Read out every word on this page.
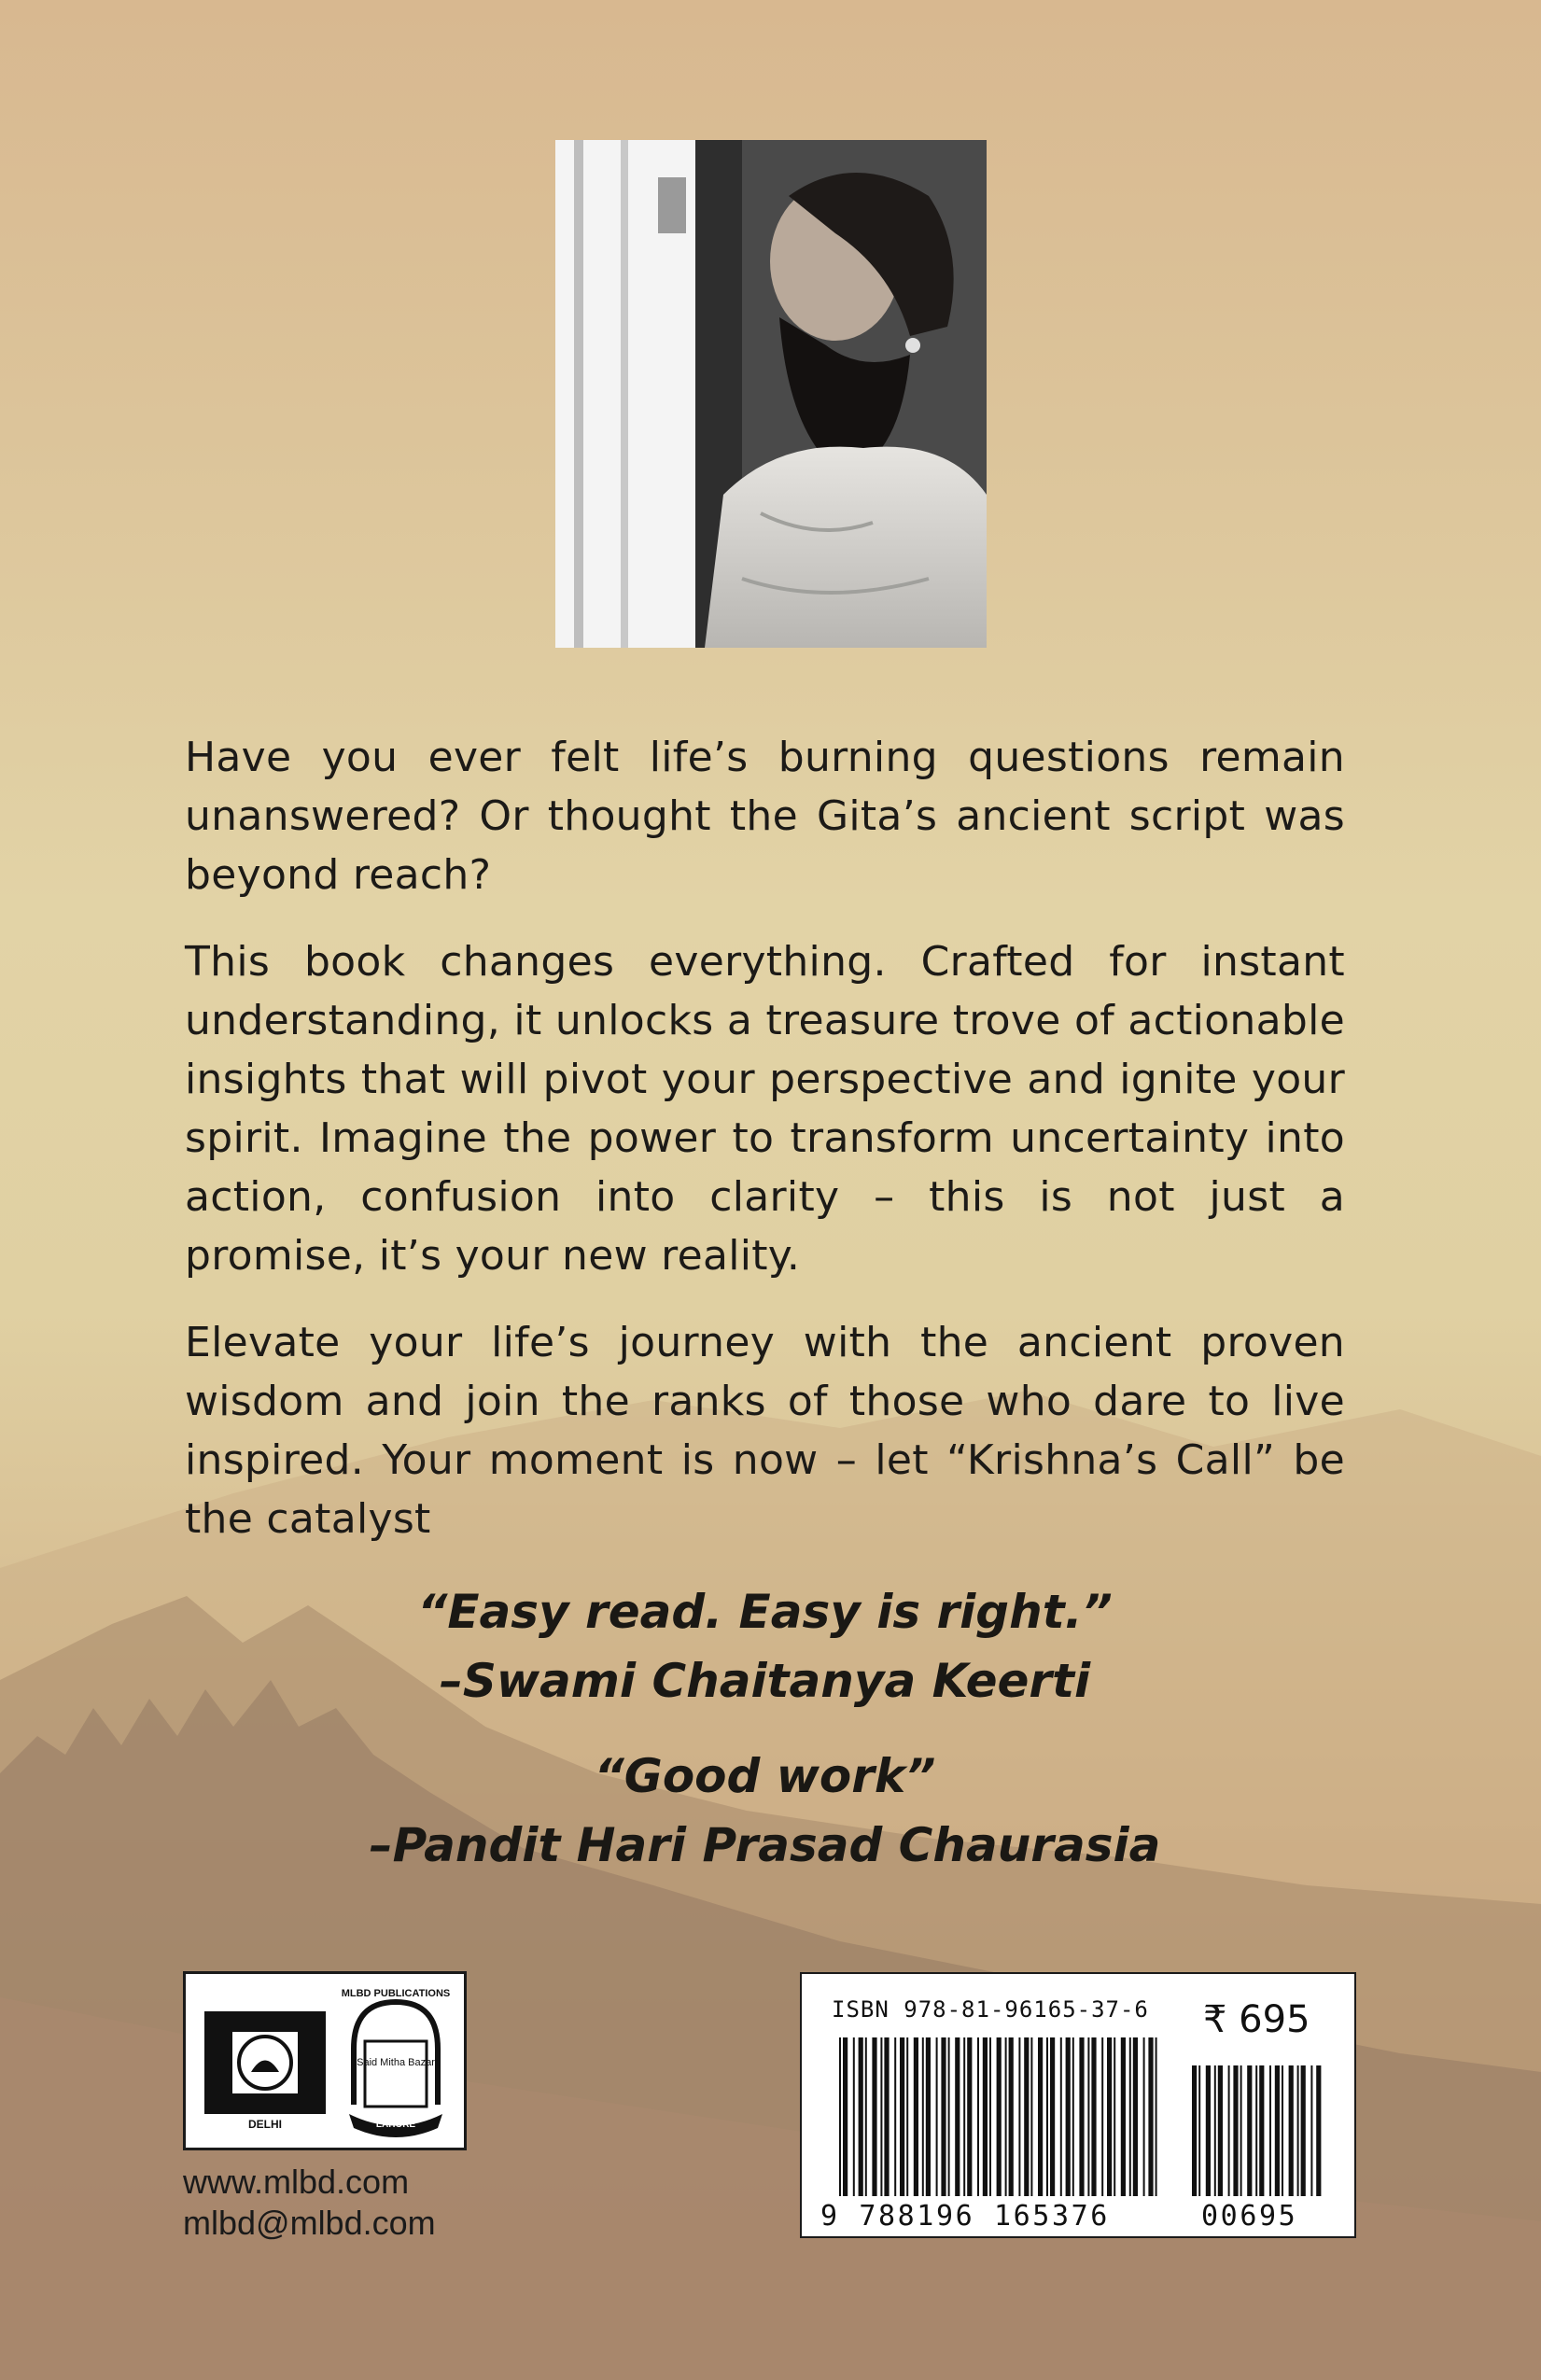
Have you ever felt life’s burning questions remain unanswered? Or thought the Gita’s ancient script was beyond reach?

This book changes everything. Crafted for instant understanding, it unlocks a treasure trove of actionable insights that will pivot your perspective and ignite your spirit. Imagine the power to transform uncertainty into action, confusion into clarity – this is not just a promise, it’s your new reality.

Elevate your life’s journey with the ancient proven wisdom and join the ranks of those who dare to live inspired. Your moment is now – let “Krishna’s Call” be the catalyst

“Easy read. Easy is right.”
–Swami Chaitanya Keerti
“Good work”
–Pandit Hari Prasad Chaurasia
DELHI
Said Mitha Bazar
MLBD PUBLICATIONS
LAHORE
www.mlbd.com
mlbd@mlbd.com
ISBN 978-81-96165-37-6 ₹ 695
9 788196 165376	00695
